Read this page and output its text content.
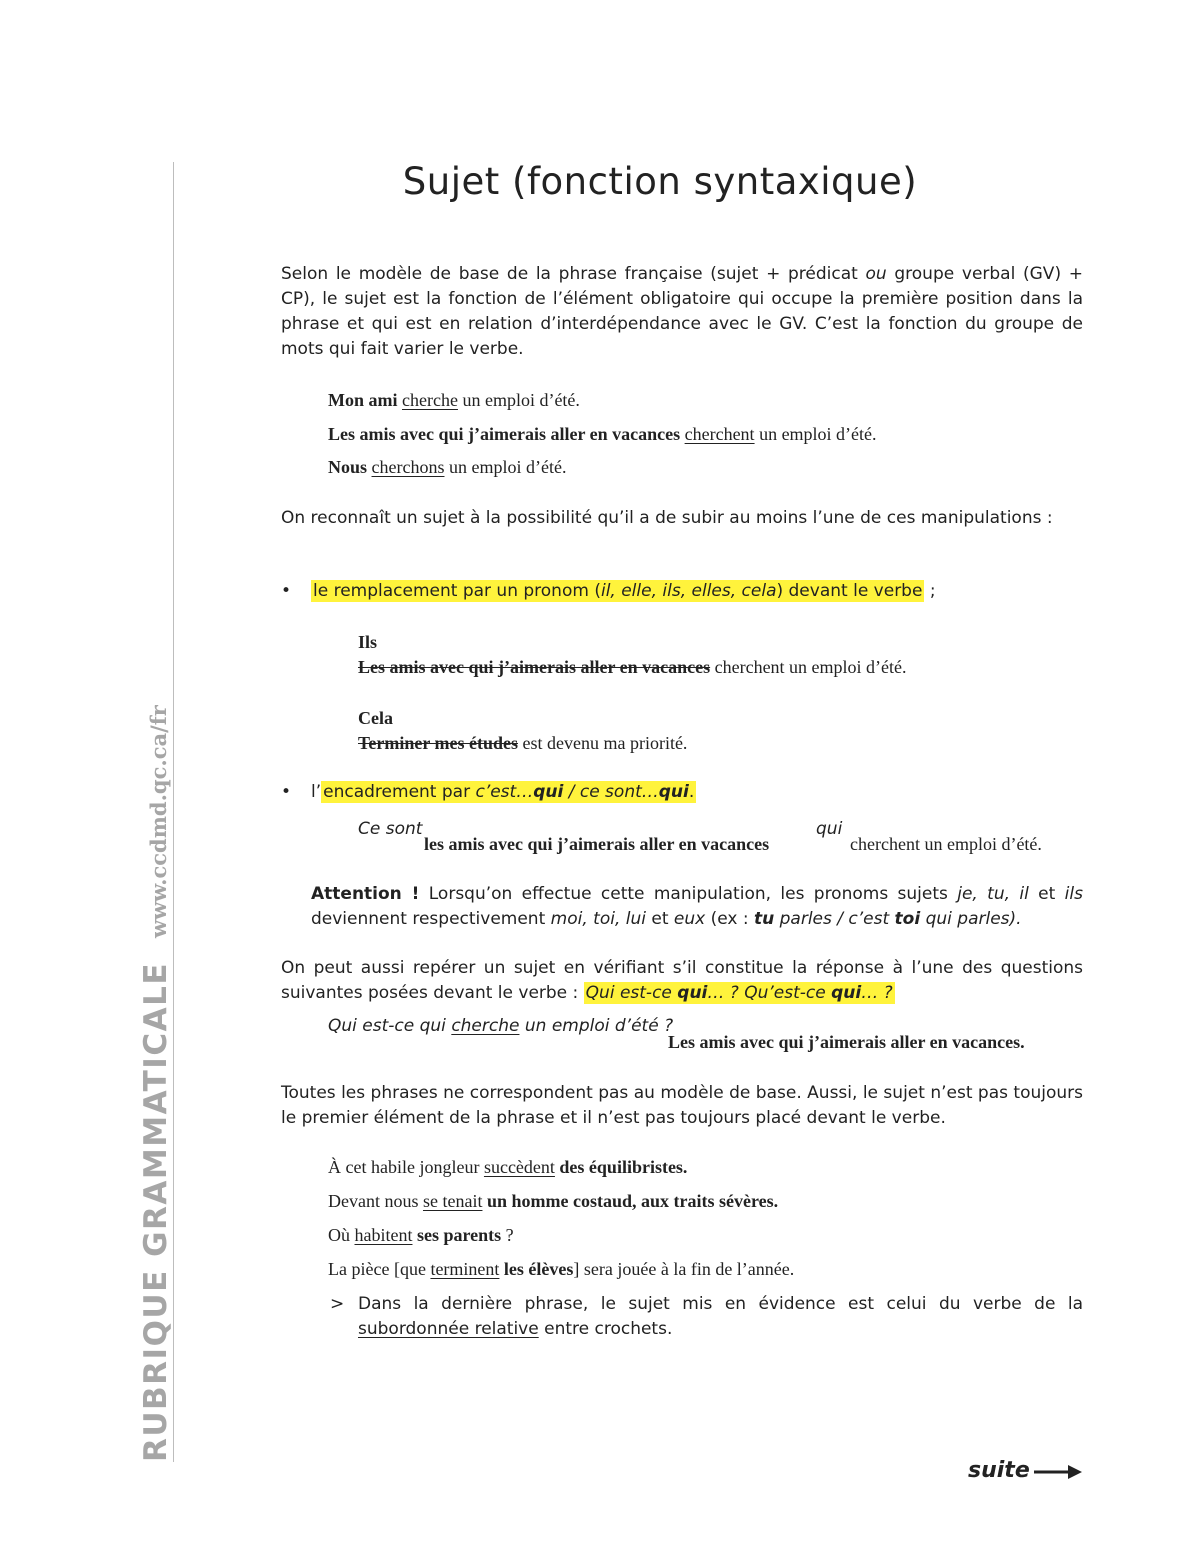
RUBRIQUE GRAMMATICALEwww.ccdmd.qc.ca/fr
Sujet (fonction syntaxique)
Selon le modèle de base de la phrase française (sujet + prédicat ou groupe verbal (GV) + CP), le sujet est la fonction de l’élément obligatoire qui occupe la première position dans la phrase et qui est en relation d’interdépendance avec le GV. C’est la fonction du groupe de mots qui fait varier le verbe.
Mon ami cherche un emploi d’été.
Les amis avec qui j’aimerais aller en vacances cherchent un emploi d’été.
Nous cherchons un emploi d’été.
On reconnaît un sujet à la possibilité qu’il a de subir au moins l’une de ces manipulations :
• le remplacement par un pronom (il, elle, ils, elles, cela) devant le verbe ;
Ils
Les amis avec qui j’aimerais aller en vacances cherchent un emploi d’été.
Cela
Terminer mes études est devenu ma priorité.
• l’ encadrement par c’est…qui / ce sont…qui.
Ce sont
les amis avec qui j’aimerais aller en vacances
qui
cherchent un emploi d’été.
Attention ! Lorsqu’on effectue cette manipulation, les pronoms sujets je, tu, il et ils deviennent respectivement moi, toi, lui et eux (ex : tu parles / c’est toi qui parles).
On peut aussi repérer un sujet en vérifiant s’il constitue la réponse à l’une des questions suivantes posées devant le verbe : Qui est-ce qui… ? Qu’est-ce qui… ?
Qui est-ce qui cherche un emploi d’été ?
Les amis avec qui j’aimerais aller en vacances.
Toutes les phrases ne correspondent pas au modèle de base. Aussi, le sujet n’est pas toujours le premier élément de la phrase et il n’est pas toujours placé devant le verbe.
À cet habile jongleur succèdent des équilibristes.
Devant nous se tenait un homme costaud, aux traits sévères.
Où habitent ses parents ?
La pièce [que terminent les élèves] sera jouée à la fin de l’année.
> Dans la dernière phrase, le sujet mis en évidence est celui du verbe de la subordonnée relative entre crochets.
suite
